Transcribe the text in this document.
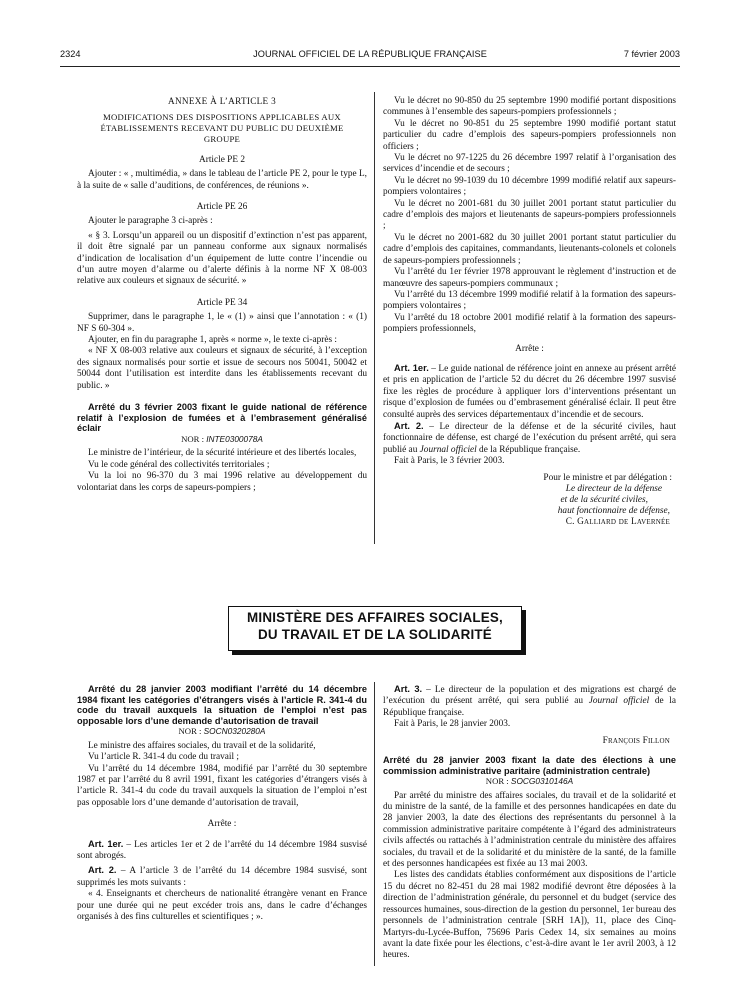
2324	JOURNAL OFFICIEL DE LA RÉPUBLIQUE FRANÇAISE	7 février 2003

ANNEXE À L’ARTICLE 3

MODIFICATIONS DES DISPOSITIONS APPLICABLES AUX ÉTABLISSEMENTS RECEVANT DU PUBLIC DU DEUXIÈME GROUPE

Article PE 2

Ajouter : « , multimédia, » dans le tableau de l’article PE 2, pour le type L, à la suite de « salle d’auditions, de conférences, de réunions ».

Article PE 26

Ajouter le paragraphe 3 ci-après :

« § 3. Lorsqu’un appareil ou un dispositif d’extinction n’est pas apparent, il doit être signalé par un panneau conforme aux signaux normalisés d’indication de localisation d’un équipement de lutte contre l’incendie ou d’un autre moyen d’alarme ou d’alerte définis à la norme NF X 08-003 relative aux couleurs et signaux de sécurité. »

Article PE 34

Supprimer, dans le paragraphe 1, le « (1) » ainsi que l’annotation : « (1) NF S 60-304 ».

Ajouter, en fin du paragraphe 1, après « norme », le texte ci-après :

« NF X 08-003 relative aux couleurs et signaux de sécurité, à l’exception des signaux normalisés pour sortie et issue de secours nos 50041, 50042 et 50044 dont l’utilisation est interdite dans les établissements recevant du public. »

Arrêté du 3 février 2003 fixant le guide national de référence relatif à l’explosion de fumées et à l’embrasement généralisé éclair

NOR : INTE0300078A

Le ministre de l’intérieur, de la sécurité intérieure et des libertés locales,

Vu le code général des collectivités territoriales ;

Vu la loi no 96-370 du 3 mai 1996 relative au développement du volontariat dans les corps de sapeurs-pompiers ;

Vu le décret no 90-850 du 25 septembre 1990 modifié portant dispositions communes à l’ensemble des sapeurs-pompiers professionnels ;

Vu le décret no 90-851 du 25 septembre 1990 modifié portant statut particulier du cadre d’emplois des sapeurs-pompiers professionnels non officiers ;

Vu le décret no 97-1225 du 26 décembre 1997 relatif à l’organisation des services d’incendie et de secours ;

Vu le décret no 99-1039 du 10 décembre 1999 modifié relatif aux sapeurs-pompiers volontaires ;

Vu le décret no 2001-681 du 30 juillet 2001 portant statut particulier du cadre d’emplois des majors et lieutenants de sapeurs-pompiers professionnels ;

Vu le décret no 2001-682 du 30 juillet 2001 portant statut particulier du cadre d’emplois des capitaines, commandants, lieutenants-colonels et colonels de sapeurs-pompiers professionnels ;

Vu l’arrêté du 1er février 1978 approuvant le règlement d’instruction et de manœuvre des sapeurs-pompiers communaux ;

Vu l’arrêté du 13 décembre 1999 modifié relatif à la formation des sapeurs-pompiers volontaires ;

Vu l’arrêté du 18 octobre 2001 modifié relatif à la formation des sapeurs-pompiers professionnels,

Arrête :

Art. 1er. – Le guide national de référence joint en annexe au présent arrêté et pris en application de l’article 52 du décret du 26 décembre 1997 susvisé fixe les règles de procédure à appliquer lors d’interventions présentant un risque d’explosion de fumées ou d’embrasement généralisé éclair. Il peut être consulté auprès des services départementaux d’incendie et de secours.

Art. 2. – Le directeur de la défense et de la sécurité civiles, haut fonctionnaire de défense, est chargé de l’exécution du présent arrêté, qui sera publié au Journal officiel de la République française.

Fait à Paris, le 3 février 2003.

Pour le ministre et par délégation :

Le directeur de la défense

et de la sécurité civiles,

haut fonctionnaire de défense,

C. Galliard de Lavernée

MINISTÈRE DES AFFAIRES SOCIALES,
DU TRAVAIL ET DE LA SOLIDARITÉ

Arrêté du 28 janvier 2003 modifiant l’arrêté du 14 décembre 1984 fixant les catégories d’étrangers visés à l’article R. 341-4 du code du travail auxquels la situation de l’emploi n’est pas opposable lors d’une demande d’autorisation de travail

NOR : SOCN0320280A

Le ministre des affaires sociales, du travail et de la solidarité,

Vu l’article R. 341-4 du code du travail ;

Vu l’arrêté du 14 décembre 1984, modifié par l’arrêté du 30 septembre 1987 et par l’arrêté du 8 avril 1991, fixant les catégories d’étrangers visés à l’article R. 341-4 du code du travail auxquels la situation de l’emploi n’est pas opposable lors d’une demande d’autorisation de travail,

Arrête :

Art. 1er. – Les articles 1er et 2 de l’arrêté du 14 décembre 1984 susvisé sont abrogés.

Art. 2. – A l’article 3 de l’arrêté du 14 décembre 1984 susvisé, sont supprimés les mots suivants :

« 4. Enseignants et chercheurs de nationalité étrangère venant en France pour une durée qui ne peut excéder trois ans, dans le cadre d’échanges organisés à des fins culturelles et scientifiques ; ».

Art. 3. – Le directeur de la population et des migrations est chargé de l’exécution du présent arrêté, qui sera publié au Journal officiel de la République française.

Fait à Paris, le 28 janvier 2003.

François Fillon

Arrêté du 28 janvier 2003 fixant la date des élections à une commission administrative paritaire (administration centrale)

NOR : SOCG0310146A

Par arrêté du ministre des affaires sociales, du travail et de la solidarité et du ministre de la santé, de la famille et des personnes handicapées en date du 28 janvier 2003, la date des élections des représentants du personnel à la commission administrative paritaire compétente à l’égard des administrateurs civils affectés ou rattachés à l’administration centrale du ministère des affaires sociales, du travail et de la solidarité et du ministère de la santé, de la famille et des personnes handicapées est fixée au 13 mai 2003.

Les listes des candidats établies conformément aux dispositions de l’article 15 du décret no 82-451 du 28 mai 1982 modifié devront être déposées à la direction de l’administration générale, du personnel et du budget (service des ressources humaines, sous-direction de la gestion du personnel, 1er bureau des personnels de l’administration centrale [SRH 1A]), 11, place des Cinq-Martyrs-du-Lycée-Buffon, 75696 Paris Cedex 14, six semaines au moins avant la date fixée pour les élections, c’est-à-dire avant le 1er avril 2003, à 12 heures.
